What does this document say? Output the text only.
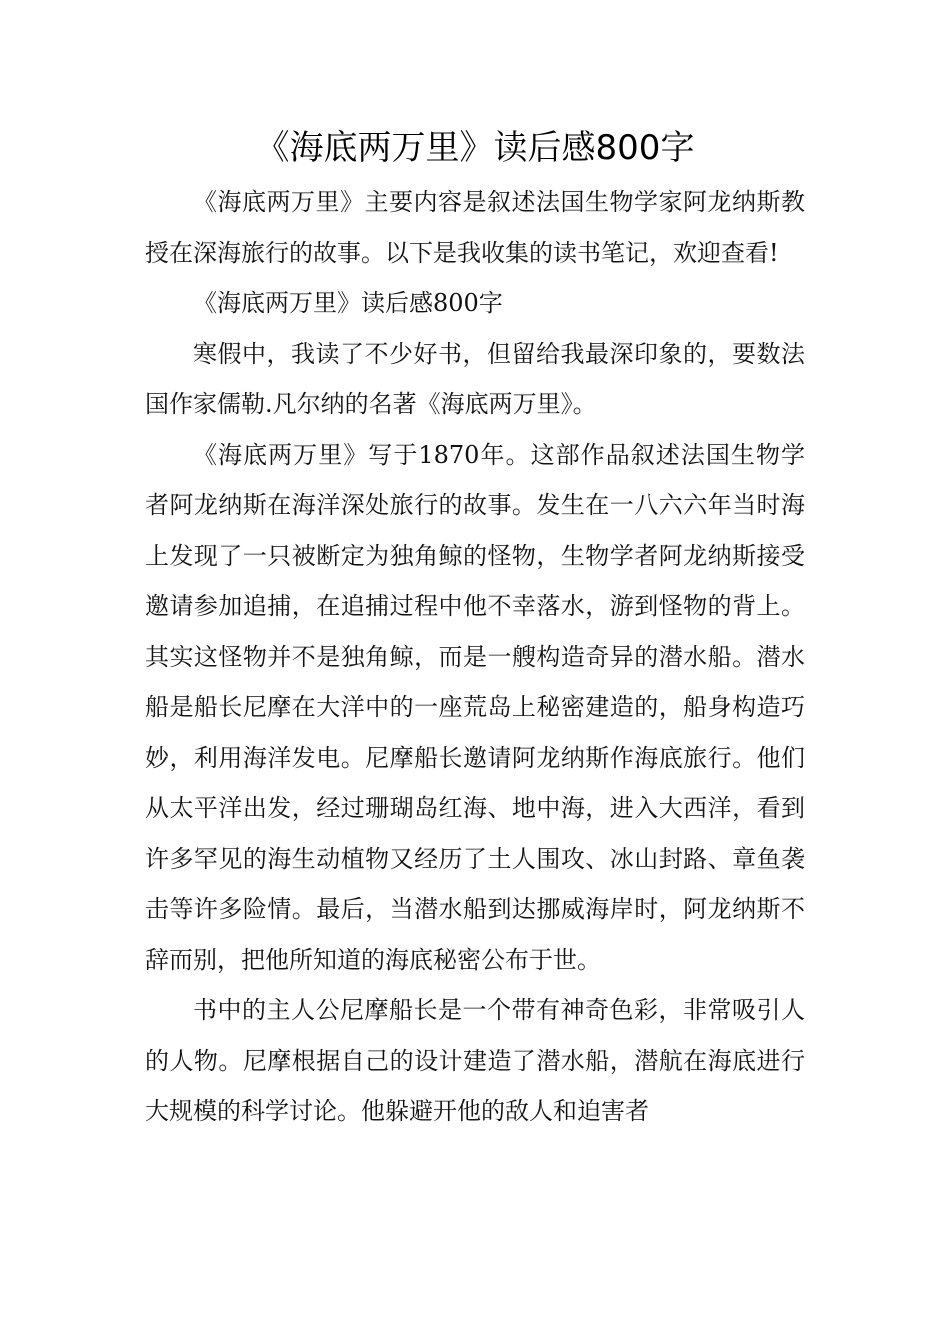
《海底两万里》读后感800字

《海底两万里》主要内容是叙述法国生物学家阿龙纳斯教授在深海旅行的故事。以下是我收集的读书笔记，欢迎查看!

《海底两万里》读后感800字

寒假中，我读了不少好书，但留给我最深印象的，要数法国作家儒勒.凡尔纳的名著《海底两万里》。

《海底两万里》写于1870年。这部作品叙述法国生物学者阿龙纳斯在海洋深处旅行的故事。发生在一八六六年当时海上发现了一只被断定为独角鲸的怪物，生物学者阿龙纳斯接受邀请参加追捕，在追捕过程中他不幸落水，游到怪物的背上。其实这怪物并不是独角鲸，而是一艘构造奇异的潜水船。潜水船是船长尼摩在大洋中的一座荒岛上秘密建造的，船身构造巧妙，利用海洋发电。尼摩船长邀请阿龙纳斯作海底旅行。他们从太平洋出发，经过珊瑚岛红海、地中海，进入大西洋，看到许多罕见的海生动植物又经历了土人围攻、冰山封路、章鱼袭击等许多险情。最后，当潜水船到达挪威海岸时，阿龙纳斯不辞而别，把他所知道的海底秘密公布于世。

书中的主人公尼摩船长是一个带有神奇色彩，非常吸引人的人物。尼摩根据自己的设计建造了潜水船，潜航在海底进行大规模的科学讨论。他躲避开他的敌人和迫害者
